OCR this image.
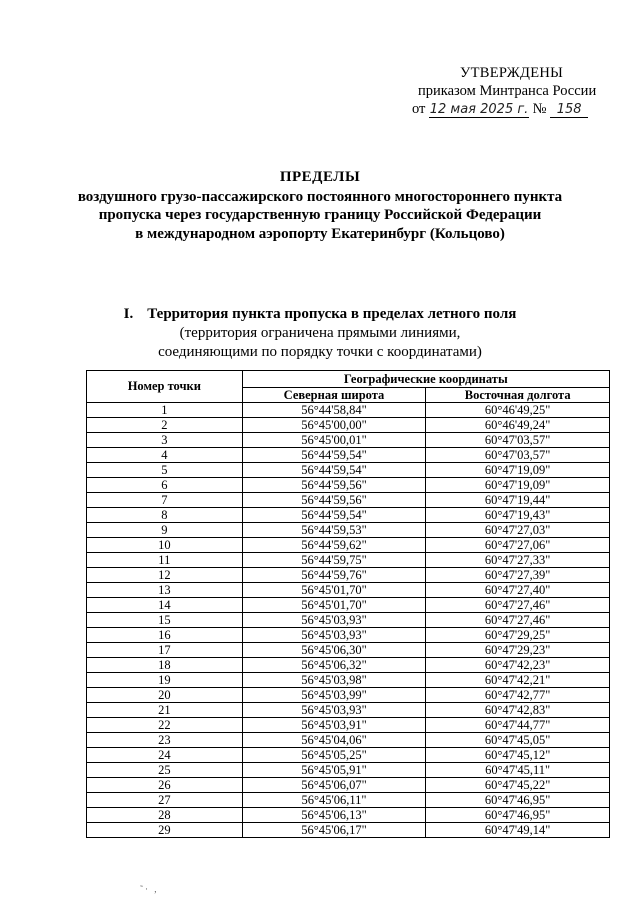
УТВЕРЖДЕНЫ
приказом Минтранса России
от 12 мая 2025 г. № 158
ПРЕДЕЛЫ
воздушного грузо-пассажирского постоянного многостороннего пункта
пропуска через государственную границу Российской Федерации
в международном аэропорту Екатеринбург (Кольцово)
I. Территория пункта пропуска в пределах летного поля
(территория ограничена прямыми линиями,
соединяющими по порядку точки с координатами)
Номер точки	Географические координаты	
	Северная широта	Восточная долгота
1	56°44'58,84"	60°46'49,25"
2	56°45'00,00"	60°46'49,24"
3	56°45'00,01"	60°47'03,57"
4	56°44'59,54"	60°47'03,57"
5	56°44'59,54"	60°47'19,09"
6	56°44'59,56"	60°47'19,09"
7	56°44'59,56"	60°47'19,44"
8	56°44'59,54"	60°47'19,43"
9	56°44'59,53"	60°47'27,03"
10	56°44'59,62"	60°47'27,06"
11	56°44'59,75"	60°47'27,33"
12	56°44'59,76"	60°47'27,39"
13	56°45'01,70"	60°47'27,40"
14	56°45'01,70"	60°47'27,46"
15	56°45'03,93"	60°47'27,46"
16	56°45'03,93"	60°47'29,25"
17	56°45'06,30"	60°47'29,23"
18	56°45'06,32"	60°47'42,23"
19	56°45'03,98"	60°47'42,21"
20	56°45'03,99"	60°47'42,77"
21	56°45'03,93"	60°47'42,83"
22	56°45'03,91"	60°47'44,77"
23	56°45'04,06"	60°47'45,05"
24	56°45'05,25"	60°47'45,12"
25	56°45'05,91"	60°47'45,11"
26	56°45'06,07"	60°47'45,22"
27	56°45'06,11"	60°47'46,95"
28	56°45'06,13"	60°47'46,95"
29	56°45'06,17"	60°47'49,14"
˜· ,
